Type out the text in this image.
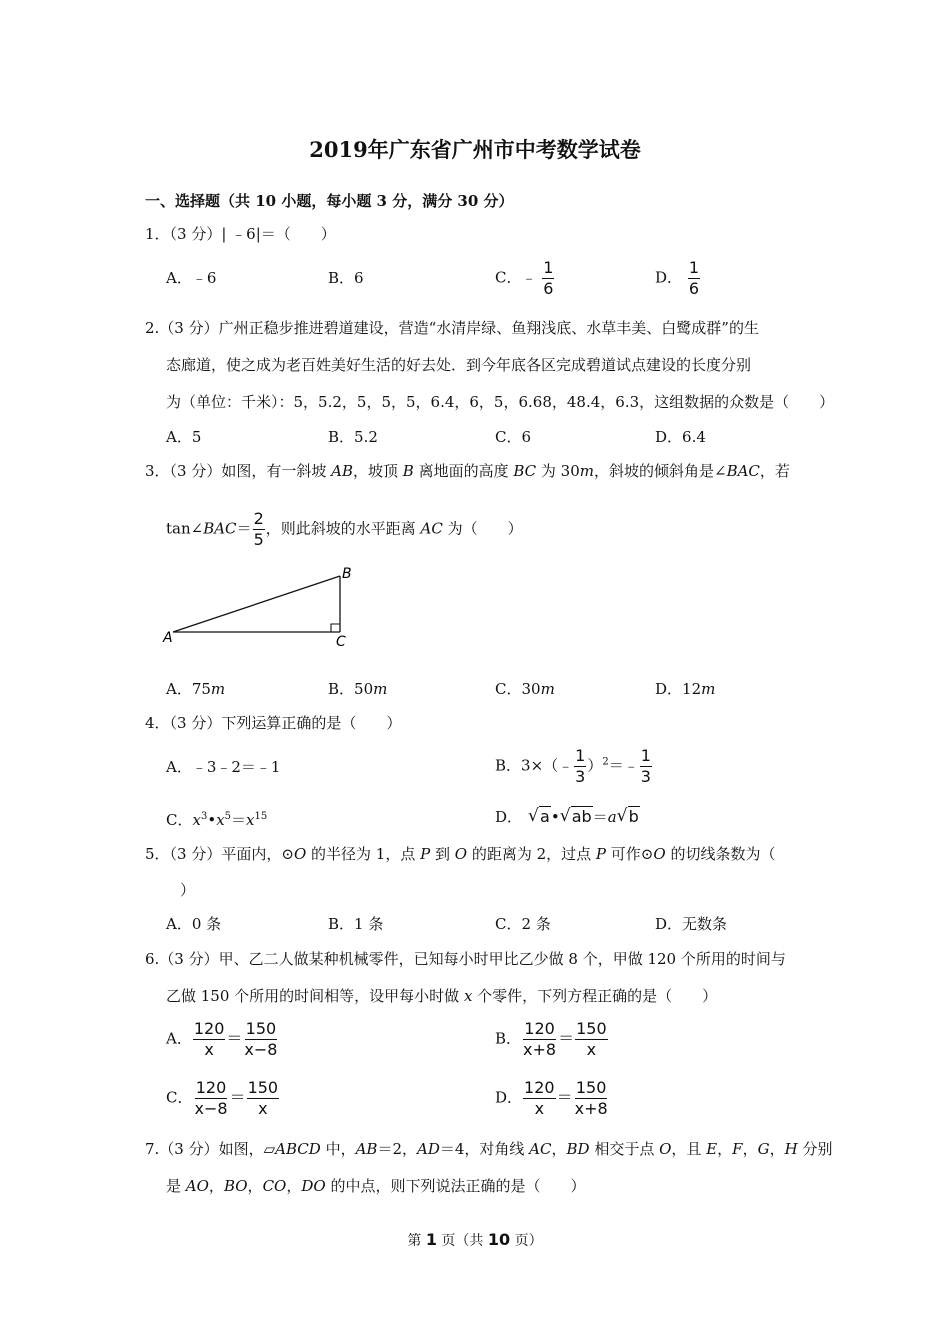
2019年广东省广州市中考数学试卷
一、选择题（共 10 小题，每小题 3 分，满分 30 分）
1．（3 分）| ﹣6|＝（　　）
A．﹣6	B．6	C．﹣ $\frac{1}{6}$	D． $\frac{1}{6}$
2.（3 分）广州正稳步推进碧道建设，营造“水清岸绿、鱼翔浅底、水草丰美、白鹭成群”的生
态廊道，使之成为老百姓美好生活的好去处．到今年底各区完成碧道试点建设的长度分别
为（单位：千米）：5，5.2，5，5，5，6.4，6，5，6.68，48.4，6.3，这组数据的众数是（　　）
A．5	B．5.2	C．6	D．6.4
3．（3 分）如图，有一斜坡 AB，坡顶 B 离地面的高度 BC 为 30m，斜坡的倾斜角是∠BAC，若
tan∠BAC＝ $\frac{2}{5}$ ，则此斜坡的水平距离 AC 为（　　）
A
B
C
A．75m	B．50m	C．30m	D．12m
4．（3 分）下列运算正确的是（　　）
A．﹣3﹣2＝﹣1	B．3×（﹣ $\frac{1}{3}$ ）$^2$＝﹣ $\frac{1}{3}$
C．$x^3•x^5=x^{15}$	D． √ a• √ ab＝a √ b
5．（3 分）平面内，⊙O 的半径为 1，点 P 到 O 的距离为 2，过点 P 可作⊙O 的切线条数为（
）
A．0 条	B．1 条	C．2 条	D．无数条
6.（3 分）甲、乙二人做某种机械零件，已知每小时甲比乙少做 8 个，甲做 120 个所用的时间与
乙做 150 个所用的时间相等，设甲每小时做 x 个零件，下列方程正确的是（　　）
A． $\frac{120}{x} = \frac{150}{x-8}$	B． $\frac{120}{x+8} = \frac{150}{x}$
C． $\frac{120}{x-8} = \frac{150}{x}$	D． $\frac{120}{x} = \frac{150}{x+8}$
7.（3 分）如图，▱ABCD 中，AB＝2，AD＝4，对角线 AC，BD 相交于点 O，且 E，F，G，H 分别
是 AO，BO，CO，DO 的中点，则下列说法正确的是（　　）
第 1 页（共 10 页）
